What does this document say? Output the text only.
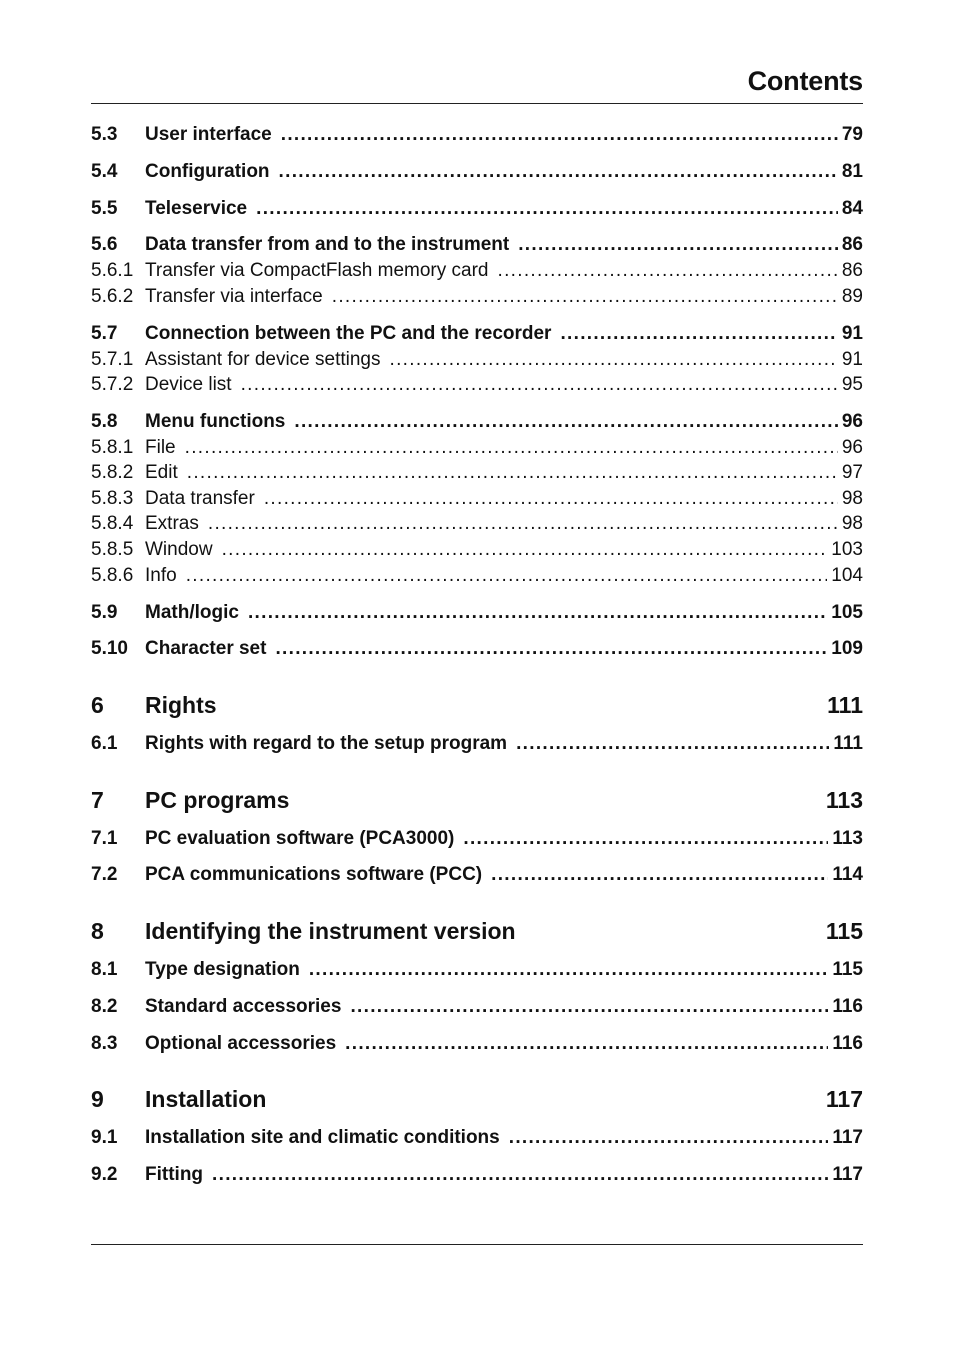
Contents
5.3	User interface .....	79
5.4	Configuration .....	81
5.5	Teleservice .....	84
5.6	Data transfer from and to the instrument .....	86
5.6.1 Transfer via CompactFlash memory card .....	86
5.6.2 Transfer via interface .....	89
5.7	Connection between the PC and the recorder .....	91
5.7.1 Assistant for device settings .....	91
5.7.2 Device list .....	95
5.8	Menu functions .....	96
5.8.1 File .....	96
5.8.2 Edit .....	97
5.8.3 Data transfer .....	98
5.8.4 Extras .....	98
5.8.5 Window .....	103
5.8.6 Info .....	104
5.9	Math/logic .....	105
5.10 Character set .....	109
6	Rights	111
6.1	Rights with regard to the setup program .....	111
7	PC programs	113
7.1	PC evaluation software (PCA3000) .....	113
7.2	PCA communications software (PCC) .....	114
8	Identifying the instrument version	115
8.1	Type designation .....	115
8.2	Standard accessories .....	116
8.3	Optional accessories .....	116
9	Installation	117
9.1	Installation site and climatic conditions .....	117
9.2	Fitting .....	117
